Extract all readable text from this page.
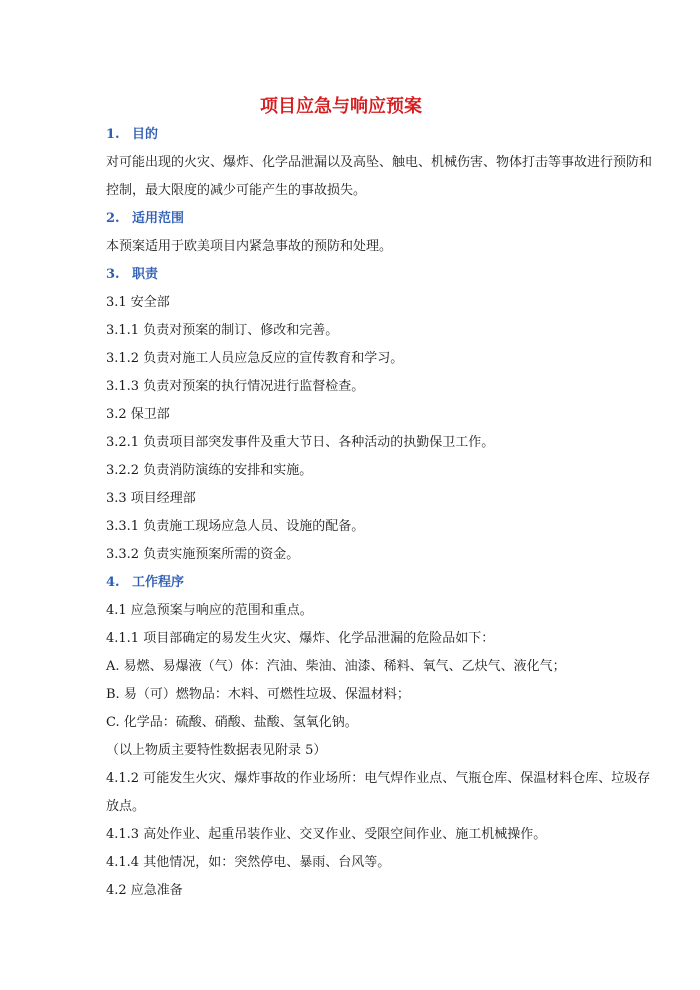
项目应急与响应预案
1. 目的
对可能出现的火灾、爆炸、化学品泄漏以及高坠、触电、机械伤害、物体打击等事故进行预防和
控制，最大限度的减少可能产生的事故损失。
2. 适用范围
本预案适用于欧美项目内紧急事故的预防和处理。
3. 职责
3.1 安全部
3.1.1 负责对预案的制订、修改和完善。
3.1.2 负责对施工人员应急反应的宣传教育和学习。
3.1.3 负责对预案的执行情况进行监督检查。
3.2 保卫部
3.2.1 负责项目部突发事件及重大节日、各种活动的执勤保卫工作。
3.2.2 负责消防演练的安排和实施。
3.3 项目经理部
3.3.1 负责施工现场应急人员、设施的配备。
3.3.2 负责实施预案所需的资金。
4. 工作程序
4.1 应急预案与响应的范围和重点。
4.1.1 项目部确定的易发生火灾、爆炸、化学品泄漏的危险品如下：
A. 易燃、易爆液（气）体：汽油、柴油、油漆、稀料、氧气、乙炔气、液化气；
B. 易（可）燃物品：木料、可燃性垃圾、保温材料；
C. 化学品：硫酸、硝酸、盐酸、氢氧化钠。
（以上物质主要特性数据表见附录 5）
4.1.2 可能发生火灾、爆炸事故的作业场所：电气焊作业点、气瓶仓库、保温材料仓库、垃圾存
放点。
4.1.3 高处作业、起重吊装作业、交叉作业、受限空间作业、施工机械操作。
4.1.4 其他情况，如：突然停电、暴雨、台风等。
4.2 应急准备
